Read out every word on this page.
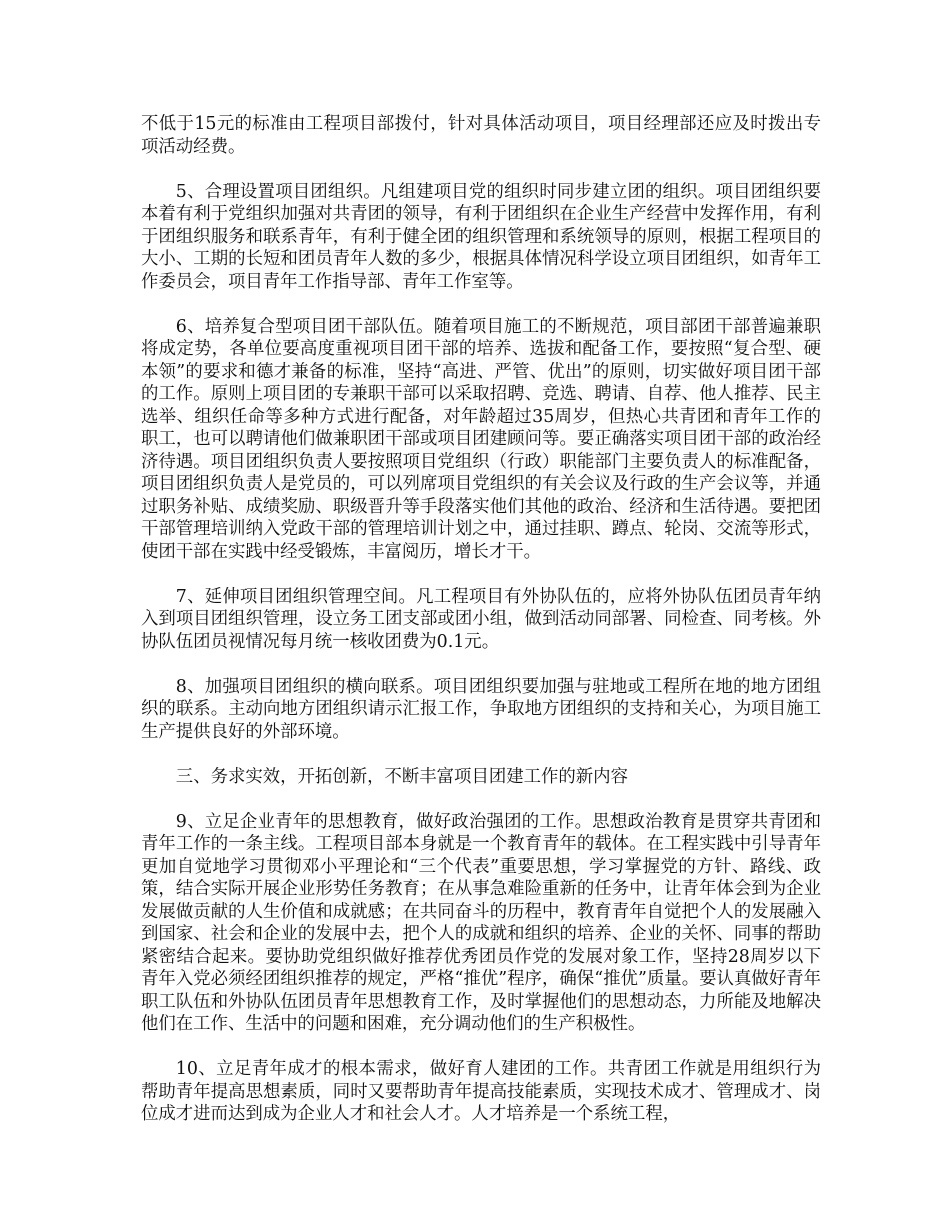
不低于15元的标准由工程项目部拨付，针对具体活动项目，项目经理部还应及时拨出专项活动经费。

5、合理设置项目团组织。凡组建项目党的组织时同步建立团的组织。项目团组织要本着有利于党组织加强对共青团的领导，有利于团组织在企业生产经营中发挥作用，有利于团组织服务和联系青年，有利于健全团的组织管理和系统领导的原则，根据工程项目的大小、工期的长短和团员青年人数的多少，根据具体情况科学设立项目团组织，如青年工作委员会，项目青年工作指导部、青年工作室等。

6、培养复合型项目团干部队伍。随着项目施工的不断规范，项目部团干部普遍兼职将成定势，各单位要高度重视项目团干部的培养、选拔和配备工作，要按照“复合型、硬本领”的要求和德才兼备的标准，坚持“高进、严管、优出”的原则，切实做好项目团干部的工作。原则上项目团的专兼职干部可以采取招聘、竞选、聘请、自荐、他人推荐、民主选举、组织任命等多种方式进行配备，对年龄超过35周岁，但热心共青团和青年工作的职工，也可以聘请他们做兼职团干部或项目团建顾问等。要正确落实项目团干部的政治经济待遇。项目团组织负责人要按照项目党组织（行政）职能部门主要负责人的标准配备，项目团组织负责人是党员的，可以列席项目党组织的有关会议及行政的生产会议等，并通过职务补贴、成绩奖励、职级晋升等手段落实他们其他的政治、经济和生活待遇。要把团干部管理培训纳入党政干部的管理培训计划之中，通过挂职、蹲点、轮岗、交流等形式，使团干部在实践中经受锻炼，丰富阅历，增长才干。

7、延伸项目团组织管理空间。凡工程项目有外协队伍的，应将外协队伍团员青年纳入到项目团组织管理，设立务工团支部或团小组，做到活动同部署、同检查、同考核。外协队伍团员视情况每月统一核收团费为0.1元。

8、加强项目团组织的横向联系。项目团组织要加强与驻地或工程所在地的地方团组织的联系。主动向地方团组织请示汇报工作，争取地方团组织的支持和关心，为项目施工生产提供良好的外部环境。

三、务求实效，开拓创新，不断丰富项目团建工作的新内容

9、立足企业青年的思想教育，做好政治强团的工作。思想政治教育是贯穿共青团和青年工作的一条主线。工程项目部本身就是一个教育青年的载体。在工程实践中引导青年更加自觉地学习贯彻邓小平理论和“三个代表”重要思想，学习掌握党的方针、路线、政策，结合实际开展企业形势任务教育；在从事急难险重新的任务中，让青年体会到为企业发展做贡献的人生价值和成就感；在共同奋斗的历程中，教育青年自觉把个人的发展融入到国家、社会和企业的发展中去，把个人的成就和组织的培养、企业的关怀、同事的帮助紧密结合起来。要协助党组织做好推荐优秀团员作党的发展对象工作，坚持28周岁以下青年入党必须经团组织推荐的规定，严格“推优”程序，确保“推优”质量。要认真做好青年职工队伍和外协队伍团员青年思想教育工作，及时掌握他们的思想动态，力所能及地解决他们在工作、生活中的问题和困难，充分调动他们的生产积极性。

10、立足青年成才的根本需求，做好育人建团的工作。共青团工作就是用组织行为帮助青年提高思想素质，同时又要帮助青年提高技能素质，实现技术成才、管理成才、岗位成才进而达到成为企业人才和社会人才。人才培养是一个系统工程，
